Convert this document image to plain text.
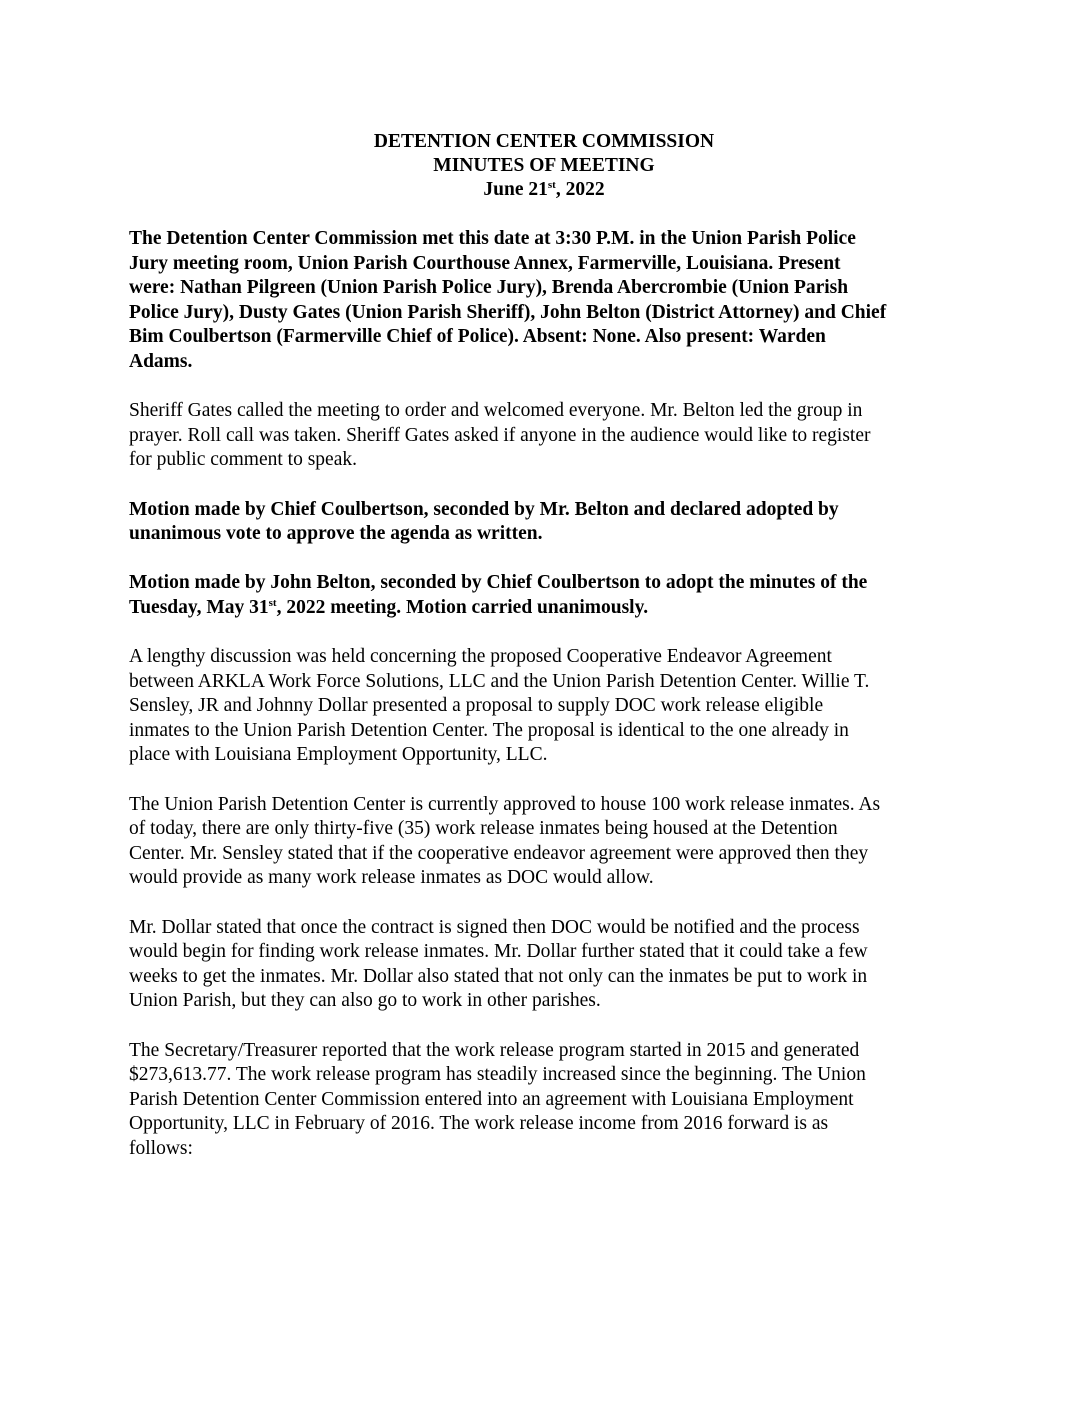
DETENTION CENTER COMMISSION
MINUTES OF MEETING
June 21st, 2022
The Detention Center Commission met this date at 3:30 P.M. in the Union Parish Police
Jury meeting room, Union Parish Courthouse Annex, Farmerville, Louisiana. Present
were: Nathan Pilgreen (Union Parish Police Jury), Brenda Abercrombie (Union Parish
Police Jury), Dusty Gates (Union Parish Sheriff), John Belton (District Attorney) and Chief
Bim Coulbertson (Farmerville Chief of Police). Absent: None. Also present: Warden
Adams.
Sheriff Gates called the meeting to order and welcomed everyone. Mr. Belton led the group in
prayer. Roll call was taken. Sheriff Gates asked if anyone in the audience would like to register
for public comment to speak.
Motion made by Chief Coulbertson, seconded by Mr. Belton and declared adopted by
unanimous vote to approve the agenda as written.
Motion made by John Belton, seconded by Chief Coulbertson to adopt the minutes of the
Tuesday, May 31st, 2022 meeting. Motion carried unanimously.
A lengthy discussion was held concerning the proposed Cooperative Endeavor Agreement
between ARKLA Work Force Solutions, LLC and the Union Parish Detention Center. Willie T.
Sensley, JR and Johnny Dollar presented a proposal to supply DOC work release eligible
inmates to the Union Parish Detention Center. The proposal is identical to the one already in
place with Louisiana Employment Opportunity, LLC.
The Union Parish Detention Center is currently approved to house 100 work release inmates. As
of today, there are only thirty-five (35) work release inmates being housed at the Detention
Center. Mr. Sensley stated that if the cooperative endeavor agreement were approved then they
would provide as many work release inmates as DOC would allow.
Mr. Dollar stated that once the contract is signed then DOC would be notified and the process
would begin for finding work release inmates. Mr. Dollar further stated that it could take a few
weeks to get the inmates. Mr. Dollar also stated that not only can the inmates be put to work in
Union Parish, but they can also go to work in other parishes.
The Secretary/Treasurer reported that the work release program started in 2015 and generated
$273,613.77. The work release program has steadily increased since the beginning. The Union
Parish Detention Center Commission entered into an agreement with Louisiana Employment
Opportunity, LLC in February of 2016. The work release income from 2016 forward is as
follows:
